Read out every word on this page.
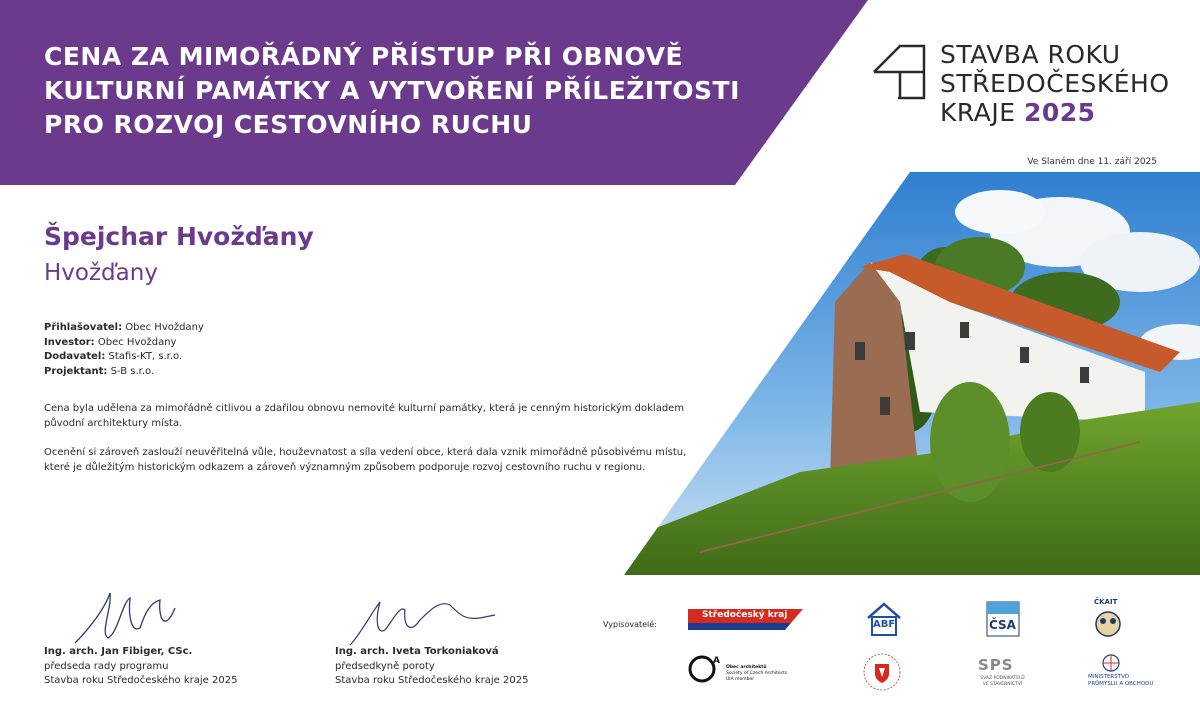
CENA ZA MIMOŘÁDNÝ PŘÍSTUP PŘI OBNOVĚ
KULTURNÍ PAMÁTKY A VYTVOŘENÍ PŘÍLEŽITOSTI
PRO ROZVOJ CESTOVNÍHO RUCHU
STAVBA ROKU
STŘEDOČESKÉHO
KRAJE 2025
Ve Slaném dne 11. září 2025
Špejchar Hvožďany
Hvožďany
Přihlašovatel: Obec Hvoždany
Investor: Obec Hvoždany
Dodavatel: Stafis-KT, s.r.o.
Projektant: S-B s.r.o.

Cena byla udělena za mimořádně citlivou a zdařilou obnovu nemovité kulturní památky, která je cenným historickým dokladem původní architektury místa.

Ocenění si zároveň zaslouží neuvěřitelná vůle, houževnatost a síla vedení obce, která dala vznik mimořádně působivému místu, které je důležitým historickým odkazem a zároveň významným způsobem podporuje rozvoj cestovního ruchu v regionu.

Ing. arch. Jan Fibiger, CSc.
předseda rady programu
Stavba roku Středočeského kraje 2025
Ing. arch. Iveta Torkoniaková
předsedkyně poroty
Stavba roku Středočeského kraje 2025
Vypisovatelé:
Středočeský kraj
ABF	ČSA
ČKAIT
A
Obec architektů
Society of Czech Architects
UIA member
SPS
SVAZ PODNIKATELŮ
VE STAVEBNICTVÍ
MINISTERSTVO
PRŮMYSLU A OBCHODU
